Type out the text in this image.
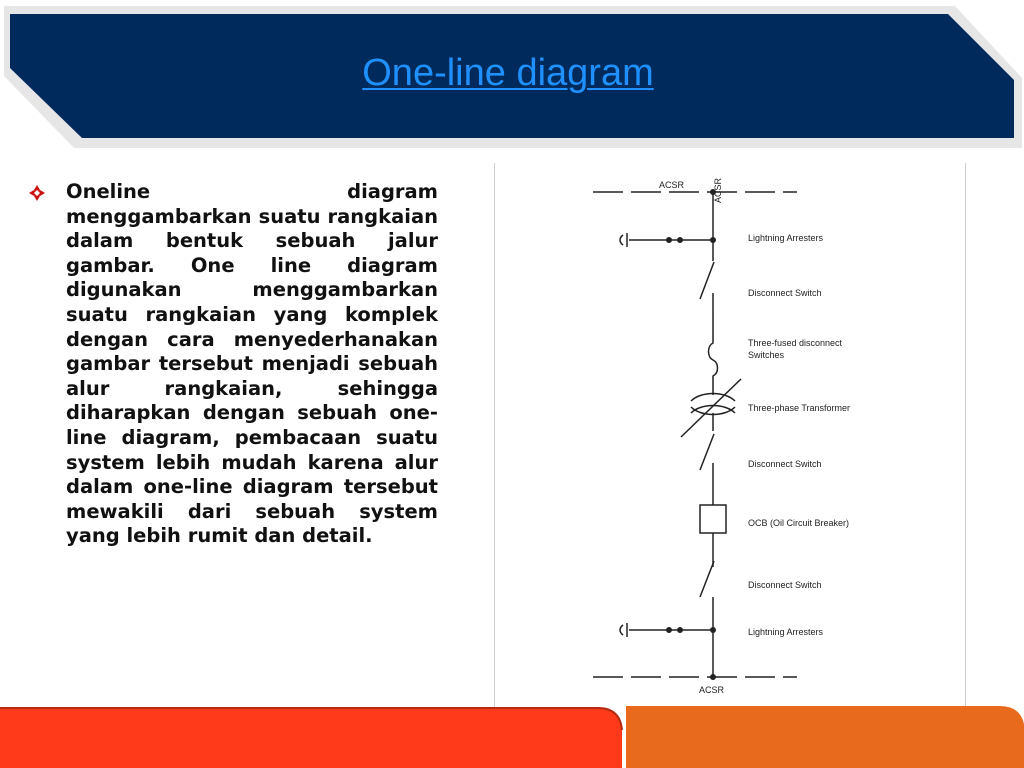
One-line diagram

Oneline diagram menggambarkan suatu rangkaian dalam bentuk sebuah jalur gambar. One line diagram digunakan menggambarkan suatu rangkaian yang komplek dengan cara menyederhanakan gambar tersebut menjadi sebuah alur rangkaian, sehingga diharapkan dengan sebuah one-line diagram, pembacaan suatu system lebih mudah karena alur dalam one-line diagram tersebut mewakili dari sebuah system yang lebih rumit dan detail.

ACSR	ACSR
ACSR
Lightning Arresters
Disconnect Switch
Three-fused disconnect
Switches
Three-phase Transformer
Disconnect Switch
OCB (Oil Circuit Breaker)
Disconnect Switch
Lightning Arresters
